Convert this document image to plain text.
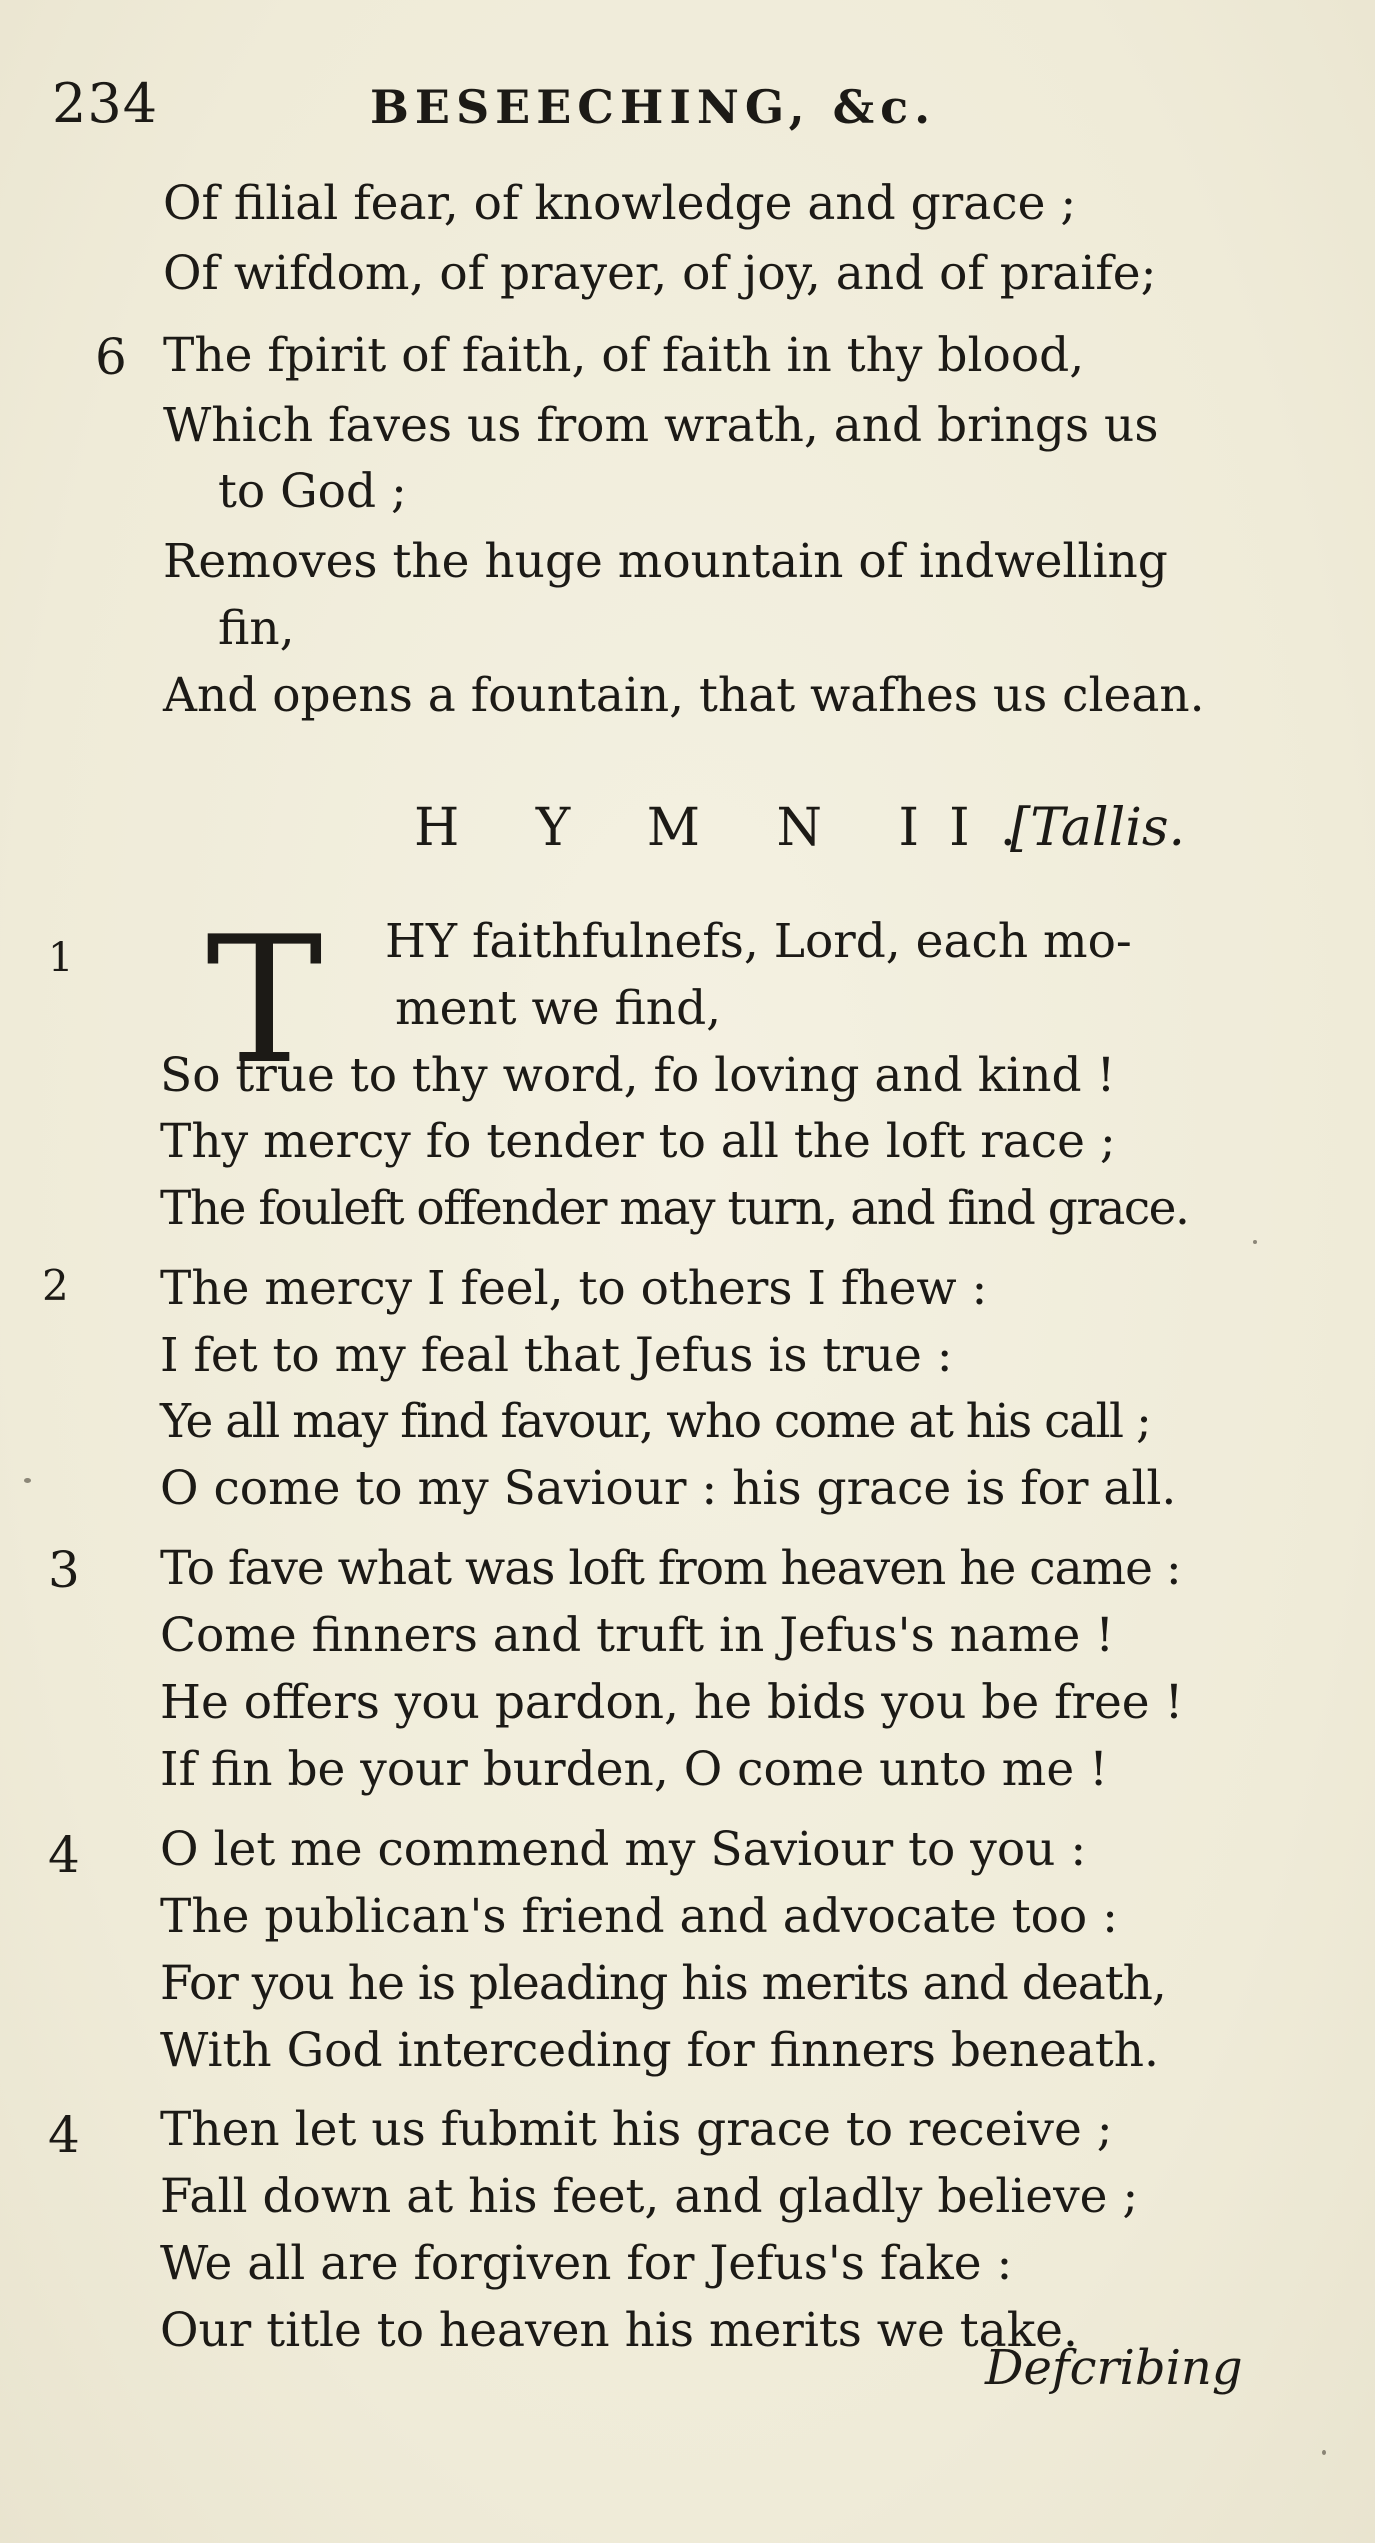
234	BESEECHING, &c.
Of filial fear, of knowledge and grace ;
Of wifdom, of prayer, of joy, and of praife;
6 The fpirit of faith, of faith in thy blood,
Which faves us from wrath, and brings us
to God ;
Removes the huge mountain of indwelling
fin,
And opens a fountain, that wafhes us clean.
H Y M N II.
[Tallis.
1 T HY faithfulnefs, Lord, each mo-
ment we find,
So true to thy word, fo loving and kind !
Thy mercy fo tender to all the loft race ;
The fouleft offender may turn, and find grace.
2 The mercy I feel, to others I fhew :
I fet to my feal that Jefus is true :
Ye all may find favour, who come at his call ;
O come to my Saviour : his grace is for all.
3 To fave what was loft from heaven he came :
Come finners and truft in Jefus's name !
He offers you pardon, he bids you be free !
If fin be your burden, O come unto me !
4 O let me commend my Saviour to you :
The publican's friend and advocate too :
For you he is pleading his merits and death,
With God interceding for finners beneath.
4 Then let us fubmit his grace to receive ;
Fall down at his feet, and gladly believe ;
We all are forgiven for Jefus's fake :
Our title to heaven his merits we take.
Defcribing
